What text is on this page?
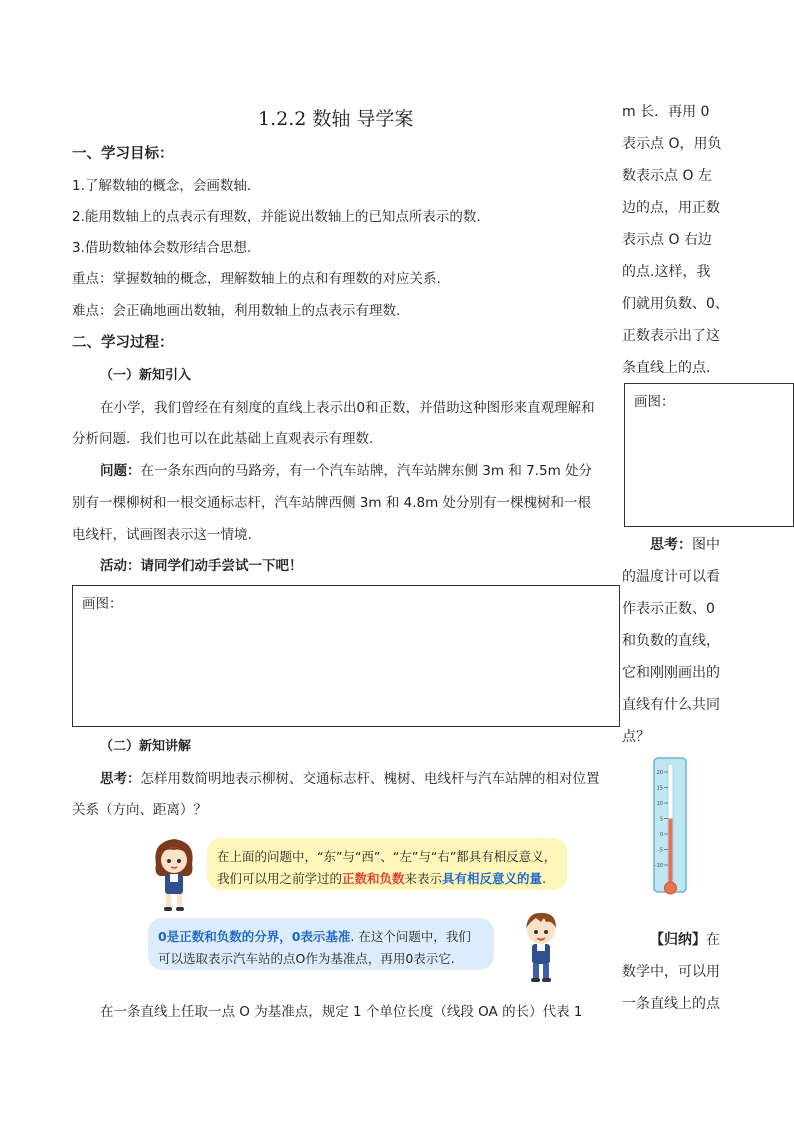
1.2.2 数轴 导学案
一、学习目标：
1.了解数轴的概念，会画数轴.
2.能用数轴上的点表示有理数，并能说出数轴上的已知点所表示的数.
3.借助数轴体会数形结合思想.
重点：掌握数轴的概念，理解数轴上的点和有理数的对应关系.
难点：会正确地画出数轴，利用数轴上的点表示有理数.
二、学习过程：
（一）新知引入
在小学，我们曾经在有刻度的直线上表示出0和正数，并借助这种图形来直观理解和
分析问题．我们也可以在此基础上直观表示有理数.
问题：在一条东西向的马路旁，有一个汽车站牌，汽车站牌东侧 3m 和 7.5m 处分
别有一棵柳树和一根交通标志杆，汽车站牌西侧 3m 和 4.8m 处分别有一棵槐树和一根
电线杆，试画图表示这一情境.
活动：请同学们动手尝试一下吧！
画图：
（二）新知讲解
思考：怎样用数简明地表示柳树、交通标志杆、槐树、电线杆与汽车站牌的相对位置
关系（方向、距离）？
在上面的问题中，“东”与“西”、“左”与“右”都具有相反意义，
我们可以用之前学过的正数和负数来表示具有相反意义的量.
0是正数和负数的分界，0表示基准. 在这个问题中，我们
可以选取表示汽车站的点O作为基准点，再用0表示它.
在一条直线上任取一点 O 为基准点，规定 1 个单位长度（线段 OA 的长）代表 1
m 长．再用 0
表示点 O，用负
数表示点 O 左
边的点，用正数
表示点 O 右边
的点.这样，我
们就用负数、0、
正数表示出了这
条直线上的点.
画图：
思考：图中
的温度计可以看
作表示正数、0
和负数的直线，
它和刚刚画出的
直线有什么共同
点？
20
15
10
5
0
-5
-10
【归纳】在
数学中，可以用
一条直线上的点
